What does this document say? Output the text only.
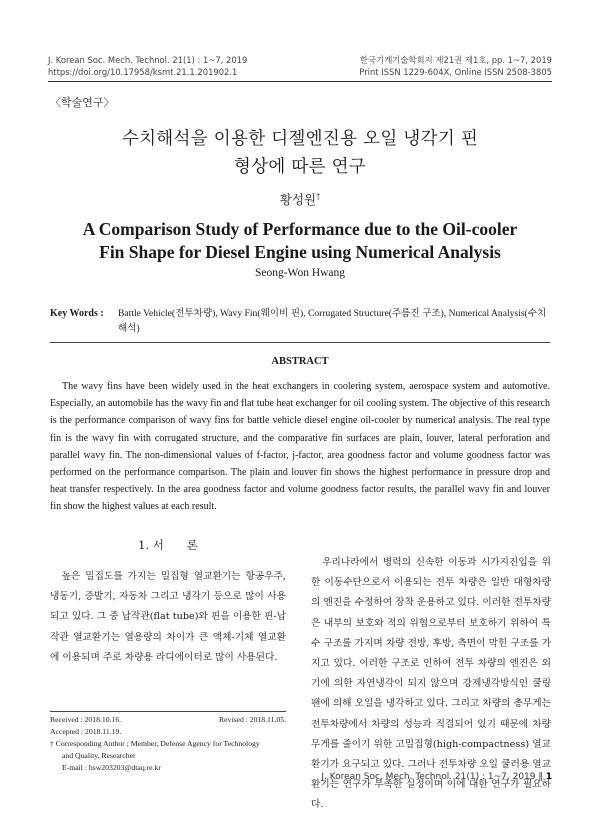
J. Korean Soc. Mech. Technol. 21(1) : 1~7, 2019
https://doi.org/10.17958/ksmt.21.1.201902.1
한국기계기술학회지 제21권 제1호, pp. 1~7, 2019
Print ISSN 1229-604X, Online ISSN 2508-3805
〈학술연구〉
수치해석을 이용한 디젤엔진용 오일 냉각기 핀
형상에 따른 연구
황성원†
A Comparison Study of Performance due to the Oil-cooler
Fin Shape for Diesel Engine using Numerical Analysis
Seong-Won Hwang
Key Words : Battle Vehicle(전투차량), Wavy Fin(웨이비 핀), Corrugated Structure(주름진 구조), Numerical Analysis(수치해석)
ABSTRACT
The wavy fins have been widely used in the heat exchangers in coolering system, aerospace system and automotive. Especially, an automobile has the wavy fin and flat tube heat exchanger for oil cooling system. The objective of this research is the performance comparison of wavy fins for battle vehicle diesel engine oil-cooler by numerical analysis. The real type fin is the wavy fin with corrugated structure, and the comparative fin surfaces are plain, louver, lateral perforation and parallel wavy fin. The non-dimensional values of f-factor, j-factor, area goodness factor and volume goodness factor was performed on the performance comparison. The plain and louver fin shows the highest performance in pressure drop and heat transfer respectively. In the area goodness factor and volume goodness factor results, the parallel wavy fin and louver fin show the highest values at each result.
1. 서　　론
　높은 밀집도를 가지는 밀집형 열교환기는 항공우주, 냉동기, 증발기, 자동차 그리고 냉각기 등으로 많이 사용되고 있다. 그 중 납작관(flat tube)와 핀을 이용한 핀-납작관 열교환기는 열용량의 차이가 큰 액체-기체 열교환에 이용되며 주로 차량용 라디에이터로 많이 사용된다.
　우리나라에서 병력의 신속한 이동과 시가지진입을 위한 이동수단으로서 이용되는 전투 차량은 일반 대형차량의 엔진을 수정하여 장착 운용하고 있다. 이러한 전투차량은 내부의 보호와 적의 위협으로부터 보호하기 위하여 특수 구조를 가지며 차량 전방, 후방, 측면이 막힌 구조를 가지고 있다. 이러한 구조로 인하여 전투 차량의 엔진은 외기에 의한 자연냉각이 되지 않으며 강제냉각방식인 쿨링팬에 의해 오일을 냉각하고 있다. 그리고 차량의 총무게는 전투차량에서 차량의 성능과 직결되어 있기 때문에 차량무게를 줄이기 위한 고밀집형(high-compactness) 열교환기가 요구되고 있다. 그러나 전투차량 오일 쿨러용 열교환기는 연구가 부족한 실정이며 이에 대한 연구가 필요하다.
Received : 2018.10.16.	Revised : 2018.11.05.
Accepted : 2018.11.19.
† Corresponding Author ; Member, Defense Agency for Technology
and Quality, Researcher
E-mail : hsw203203@dtaq.re.kr
J. Korean Soc. Mech. Technol. 21(1) : 1~7, 2019 ‖ 1
